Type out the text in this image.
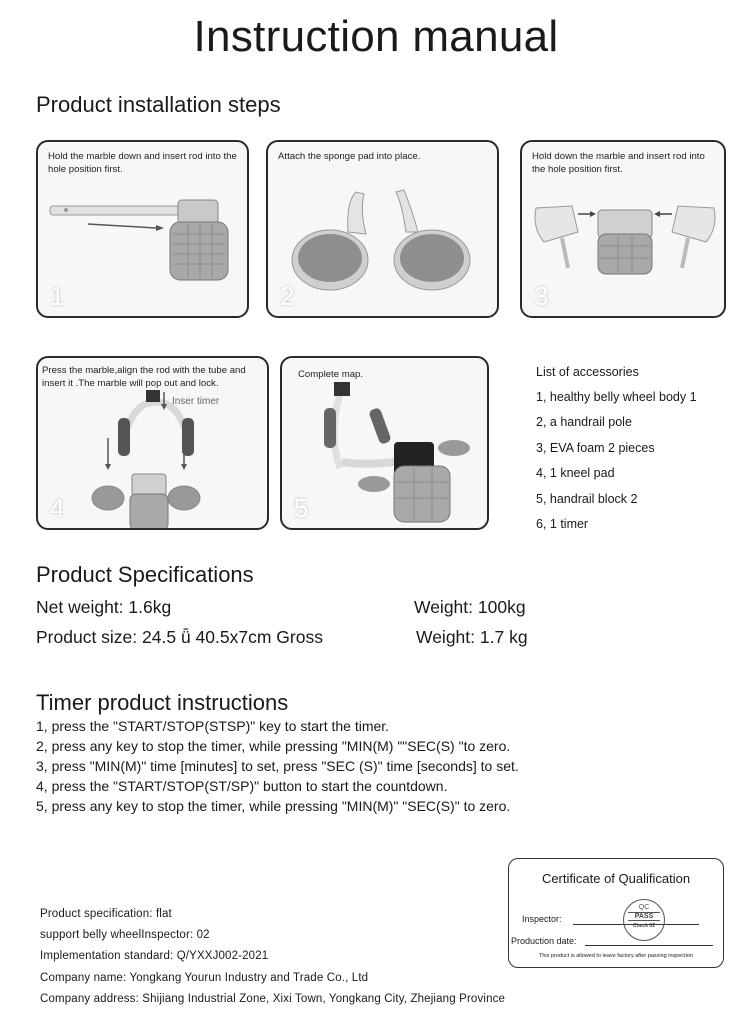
Instruction manual
Product installation steps
Hold the marble down and insert rod into the hole position first.
1
Attach the sponge pad into place.
2
Hold down the marble and insert rod into the hole position first.
3
Press the marble,align the rod with the tube and insert it .The marble will pop out and lock.
Inser timer
4
Complete map.
5
List of accessories
1, healthy belly wheel body 1
2, a handrail pole
3, EVA foam 2 pieces
4, 1 kneel pad
5, handrail block 2
6, 1 timer
Product Specifications
Net weight: 1.6kg	Weight: 100kg
Product size: 24.5 ǖ 40.5x7cm Gross	Weight: 1.7 kg
Timer product instructions
1, press the "START/STOP(STSP)" key to start the timer.
2, press any key to stop the timer, while pressing "MIN(M) ""SEC(S) "to zero.
3, press "MIN(M)" time [minutes] to set, press "SEC (S)" time [seconds] to set.
4, press the "START/STOP(ST/SP)" button to start the countdown.
5, press any key to stop the timer, while pressing "MIN(M)" "SEC(S)" to zero.
Product specification: flat
support belly wheelInspector: 02
Implementation standard: Q/YXXJ002-2021
Company name: Yongkang Yourun Industry and Trade Co., Ltd
Company address: Shijiang Industrial Zone, Xixi Town, Yongkang City, Zhejiang Province
Certificate of Qualification
Inspector:
Production date:
QC
PASS
Check 02
This product is allowed to leave factory after passing inspection
